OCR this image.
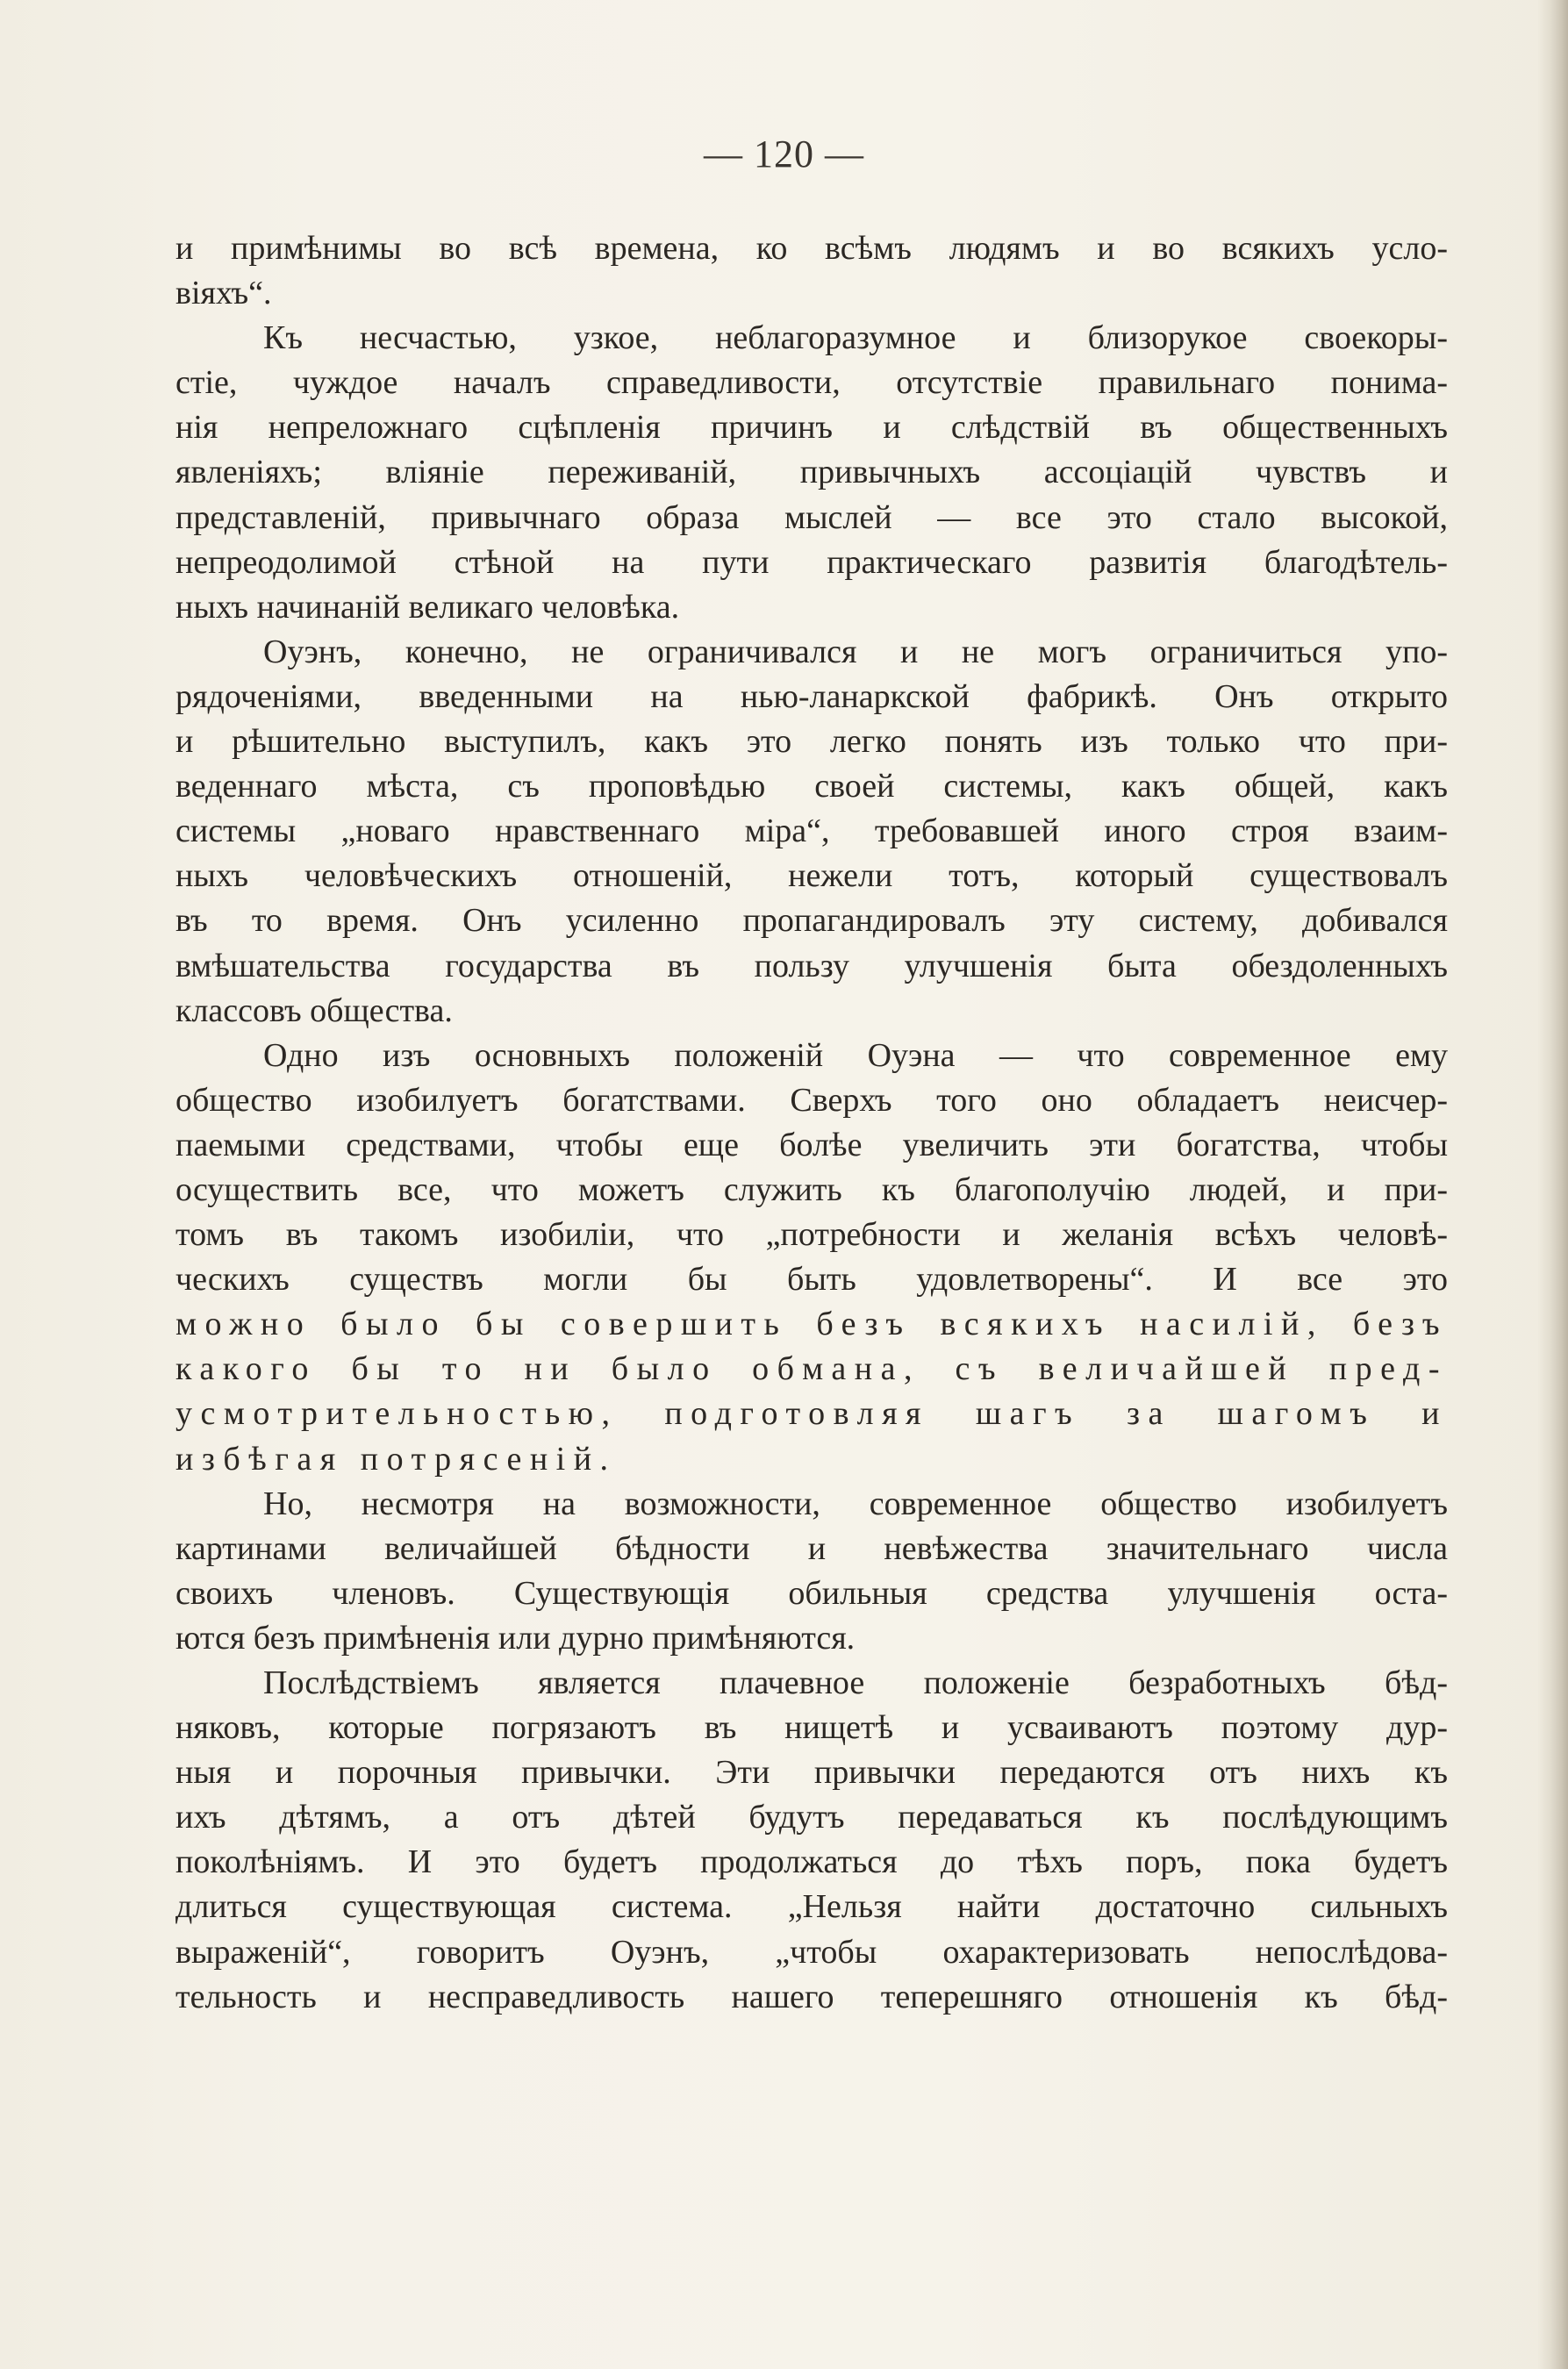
— 120 —
и примѣнимы во всѣ времена, ко всѣмъ людямъ и во всякихъ усло-
віяхъ“.
Къ несчастью, узкое, неблагоразумное и близорукое своекоры-
стіе, чуждое началъ справедливости, отсутствіе правильнаго понима-
нія непреложнаго сцѣпленія причинъ и слѣдствій въ общественныхъ
явленіяхъ; вліяніе переживаній, привычныхъ ассоціацій чувствъ и
представленій, привычнаго образа мыслей — все это стало высокой,
непреодолимой стѣной на пути практическаго развитія благодѣтель-
ныхъ начинаній великаго человѣка.
Оуэнъ, конечно, не ограничивался и не могъ ограничиться упо-
рядоченіями, введенными на нью-ланаркской фабрикѣ. Онъ открыто
и рѣшительно выступилъ, какъ это легко понять изъ только что при-
веденнаго мѣста, съ проповѣдью своей системы, какъ общей, какъ
системы „новаго нравственнаго міра“, требовавшей иного строя взаим-
ныхъ человѣческихъ отношеній, нежели тотъ, который существовалъ
въ то время. Онъ усиленно пропагандировалъ эту систему, добивался
вмѣшательства государства въ пользу улучшенія быта обездоленныхъ
классовъ общества.
Одно изъ основныхъ положеній Оуэна — что современное ему
общество изобилуетъ богатствами. Сверхъ того оно обладаетъ неисчер-
паемыми средствами, чтобы еще болѣе увеличить эти богатства, чтобы
осуществить все, что можетъ служить къ благополучію людей, и при-
томъ въ такомъ изобиліи, что „потребности и желанія всѣхъ человѣ-
ческихъ существъ могли бы быть удовлетворены“. И все это
можно было бы совершить безъ всякихъ насилій, безъ
какого бы то ни было обмана, съ величайшей пред-
усмотрительностью, подготовляя шагъ за шагомъ и
избѣгая потрясеній.
Но, несмотря на возможности, современное общество изобилуетъ
картинами величайшей бѣдности и невѣжества значительнаго числа
своихъ членовъ. Существующія обильныя средства улучшенія оста-
ются безъ примѣненія или дурно примѣняются.
Послѣдствіемъ является плачевное положеніе безработныхъ бѣд-
няковъ, которые погрязаютъ въ нищетѣ и усваиваютъ поэтому дур-
ныя и порочныя привычки. Эти привычки передаются отъ нихъ къ
ихъ дѣтямъ, а отъ дѣтей будутъ передаваться къ послѣдующимъ
поколѣніямъ. И это будетъ продолжаться до тѣхъ поръ, пока будетъ
длиться существующая система. „Нельзя найти достаточно сильныхъ
выраженій“, говоритъ Оуэнъ, „чтобы охарактеризовать непослѣдова-
тельность и несправедливость нашего теперешняго отношенія къ бѣд-
